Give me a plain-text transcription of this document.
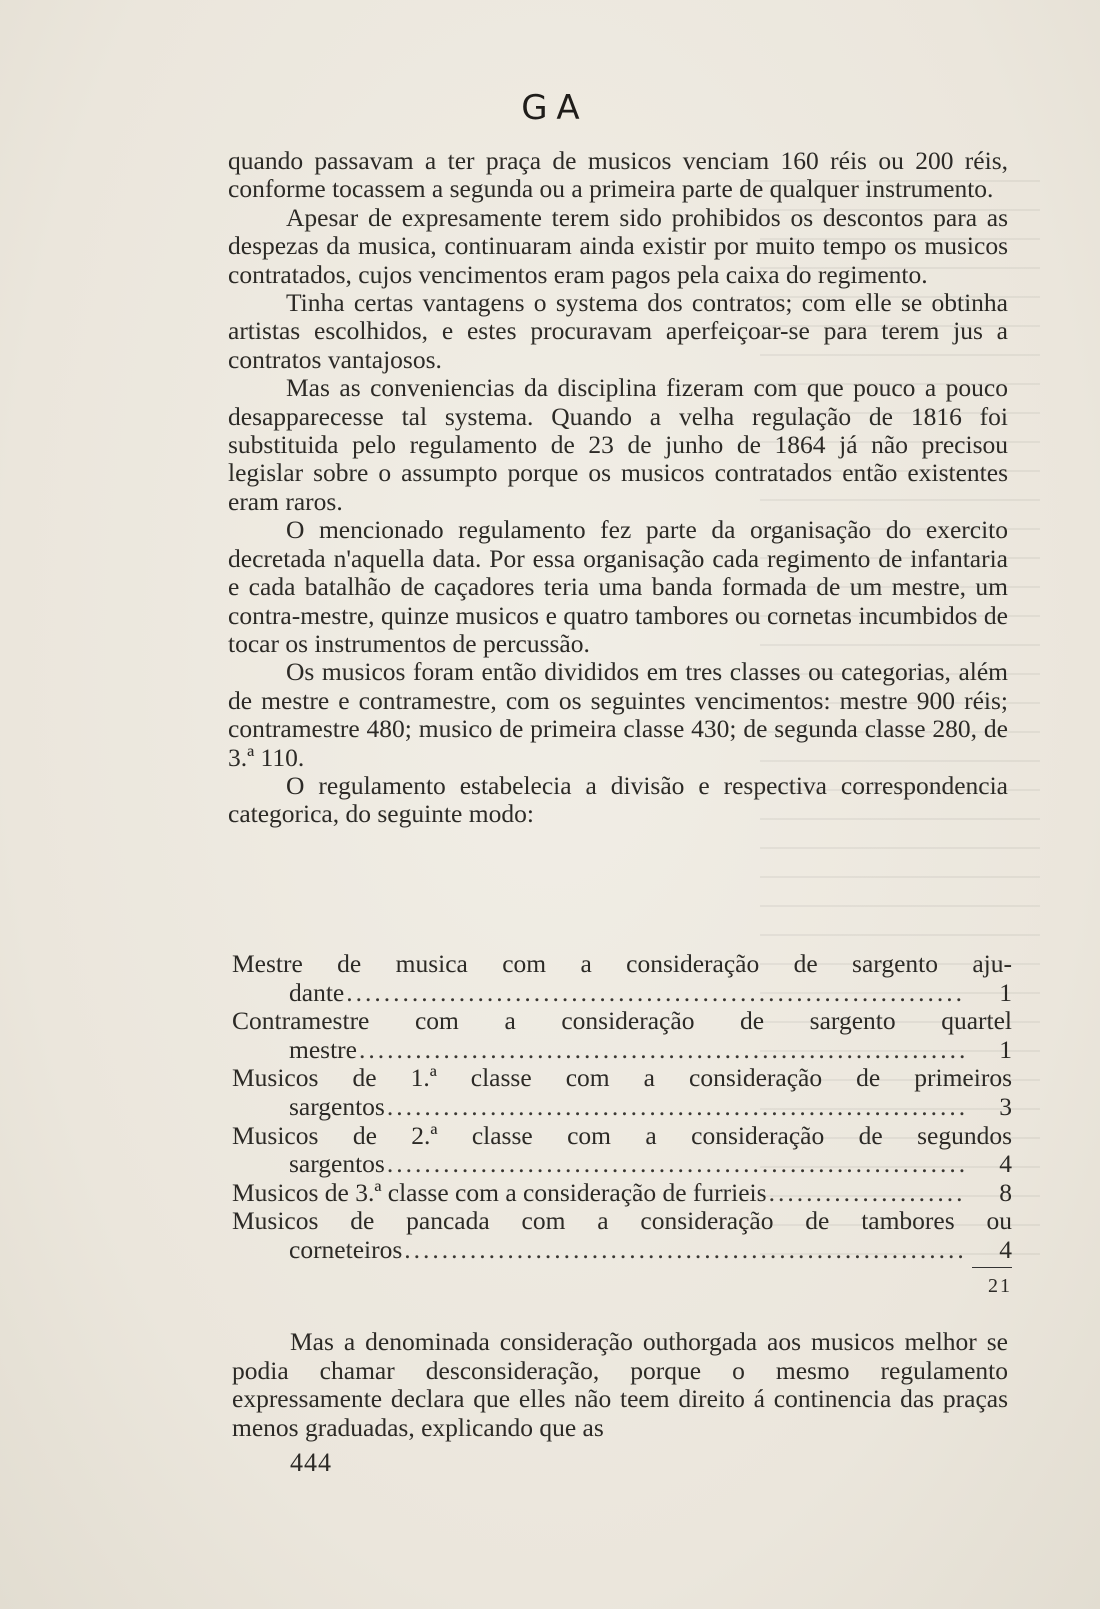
G A

quando passavam a ter praça de musicos venciam 160 réis ou 200 réis, conforme tocassem a segunda ou a primeira parte de qualquer instrumento.

Apesar de expresamente terem sido prohibidos os descontos para as despezas da musica, continuaram ainda existir por muito tempo os musicos contratados, cujos vencimentos eram pagos pela caixa do regimento.

Tinha certas vantagens o systema dos contratos; com elle se obtinha artistas escolhidos, e estes procuravam aperfeiçoar-se para terem jus a contratos vantajosos.

Mas as conveniencias da disciplina fizeram com que pouco a pouco desapparecesse tal systema. Quando a velha regulação de 1816 foi substituida pelo regulamento de 23 de junho de 1864 já não precisou legislar sobre o assumpto porque os musicos contratados então existentes eram raros.

O mencionado regulamento fez parte da organisação do exercito decretada n'aquella data. Por essa organisação cada regimento de infantaria e cada batalhão de caçadores teria uma banda formada de um mestre, um contra-mestre, quinze musicos e quatro tambores ou cornetas incumbidos de tocar os instrumentos de percussão.

Os musicos foram então divididos em tres classes ou categorias, além de mestre e contramestre, com os seguintes vencimentos: mestre 900 réis; contramestre 480; musico de primeira classe 430; de segunda classe 280, de 3.ª 110.

O regulamento estabelecia a divisão e respectiva correspondencia categorica, do seguinte modo:

Mestre de musica com a consideração de sargento aju-
dante .....	1
Contramestre com a consideração de sargento quartel
mestre .....	1
Musicos de 1.ª classe com a consideração de primeiros
sargentos .....	3
Musicos de 2.ª classe com a consideração de segundos
sargentos .....	4
Musicos de 3.ª classe com a consideração de furrieis .....	8
Musicos de pancada com a consideração de tambores ou
corneteiros .....	4
21

Mas a denominada consideração outhorgada aos musicos melhor se podia chamar desconsideração, porque o mesmo regulamento expressamente declara que elles não teem direito á continencia das praças menos graduadas, explicando que as

444
